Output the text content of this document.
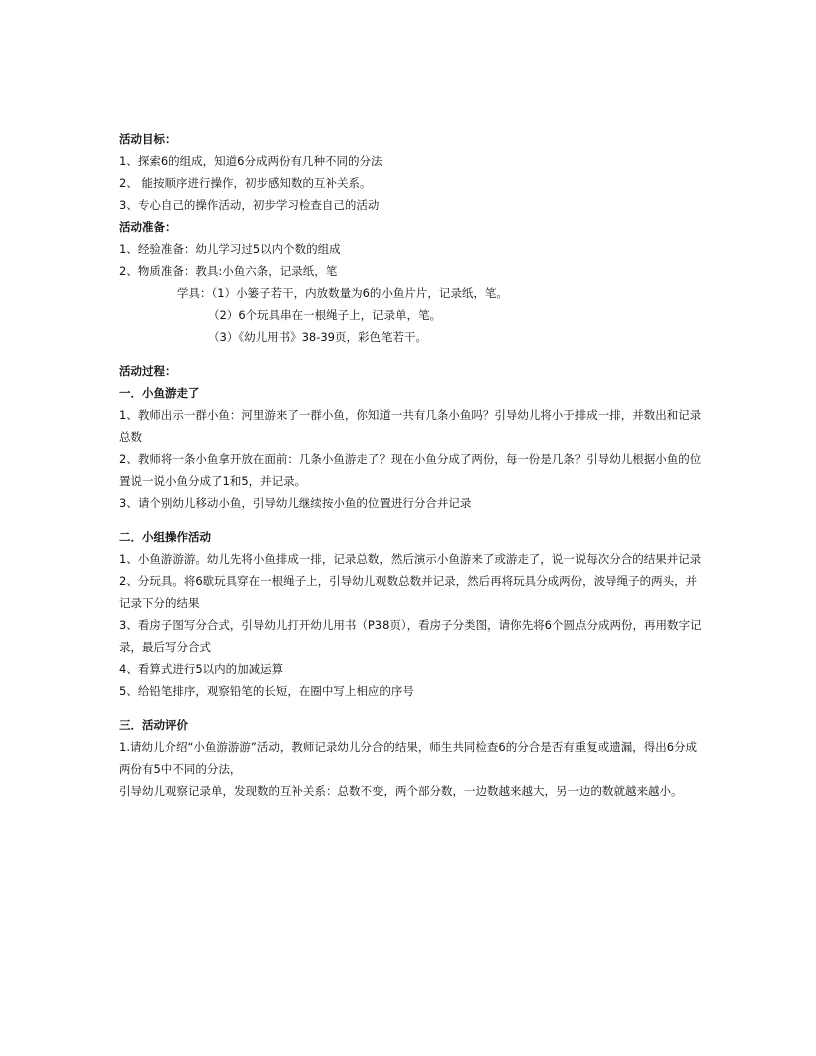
活动目标：
1、探索6的组成，知道6分成两份有几种不同的分法
2、 能按顺序进行操作，初步感知数的互补关系。
3、专心自己的操作活动，初步学习检查自己的活动
活动准备：
1、经验准备：幼儿学习过5以内个数的组成
2、物质准备：教具:小鱼六条，记录纸，笔
学具：（1）小篓子若干，内放数量为6的小鱼片片，记录纸，笔。
（2）6个玩具串在一根绳子上，记录单，笔。
（3）《幼儿用书》38-39页，彩色笔若干。
活动过程：
一．小鱼游走了
1、教师出示一群小鱼：河里游来了一群小鱼，你知道一共有几条小鱼吗？引导幼儿将小于排成一排，并数出和记录总数
2、教师将一条小鱼拿开放在面前：几条小鱼游走了？现在小鱼分成了两份，每一份是几条？引导幼儿根据小鱼的位置说一说小鱼分成了1和5，并记录。
3、请个别幼儿移动小鱼，引导幼儿继续按小鱼的位置进行分合并记录
二．小组操作活动
1、小鱼游游游。幼儿先将小鱼排成一排，记录总数，然后演示小鱼游来了或游走了，说一说每次分合的结果并记录
2、分玩具。将6歇玩具穿在一根绳子上，引导幼儿观数总数并记录，然后再将玩具分成两份，波导绳子的两头，并记录下分的结果
3、看房子图写分合式，引导幼儿打开幼儿用书（P38页），看房子分类图，请你先将6个圆点分成两份，再用数字记录，最后写分合式
4、看算式进行5以内的加减运算
5、给铅笔排序，观察铅笔的长短，在圈中写上相应的序号
三．活动评价
1.请幼儿介绍“小鱼游游游”活动，教师记录幼儿分合的结果，师生共同检查6的分合是否有重复或遗漏，得出6分成两份有5中不同的分法，
引导幼儿观察记录单，发现数的互补关系：总数不变，两个部分数，一边数越来越大，另一边的数就越来越小。
